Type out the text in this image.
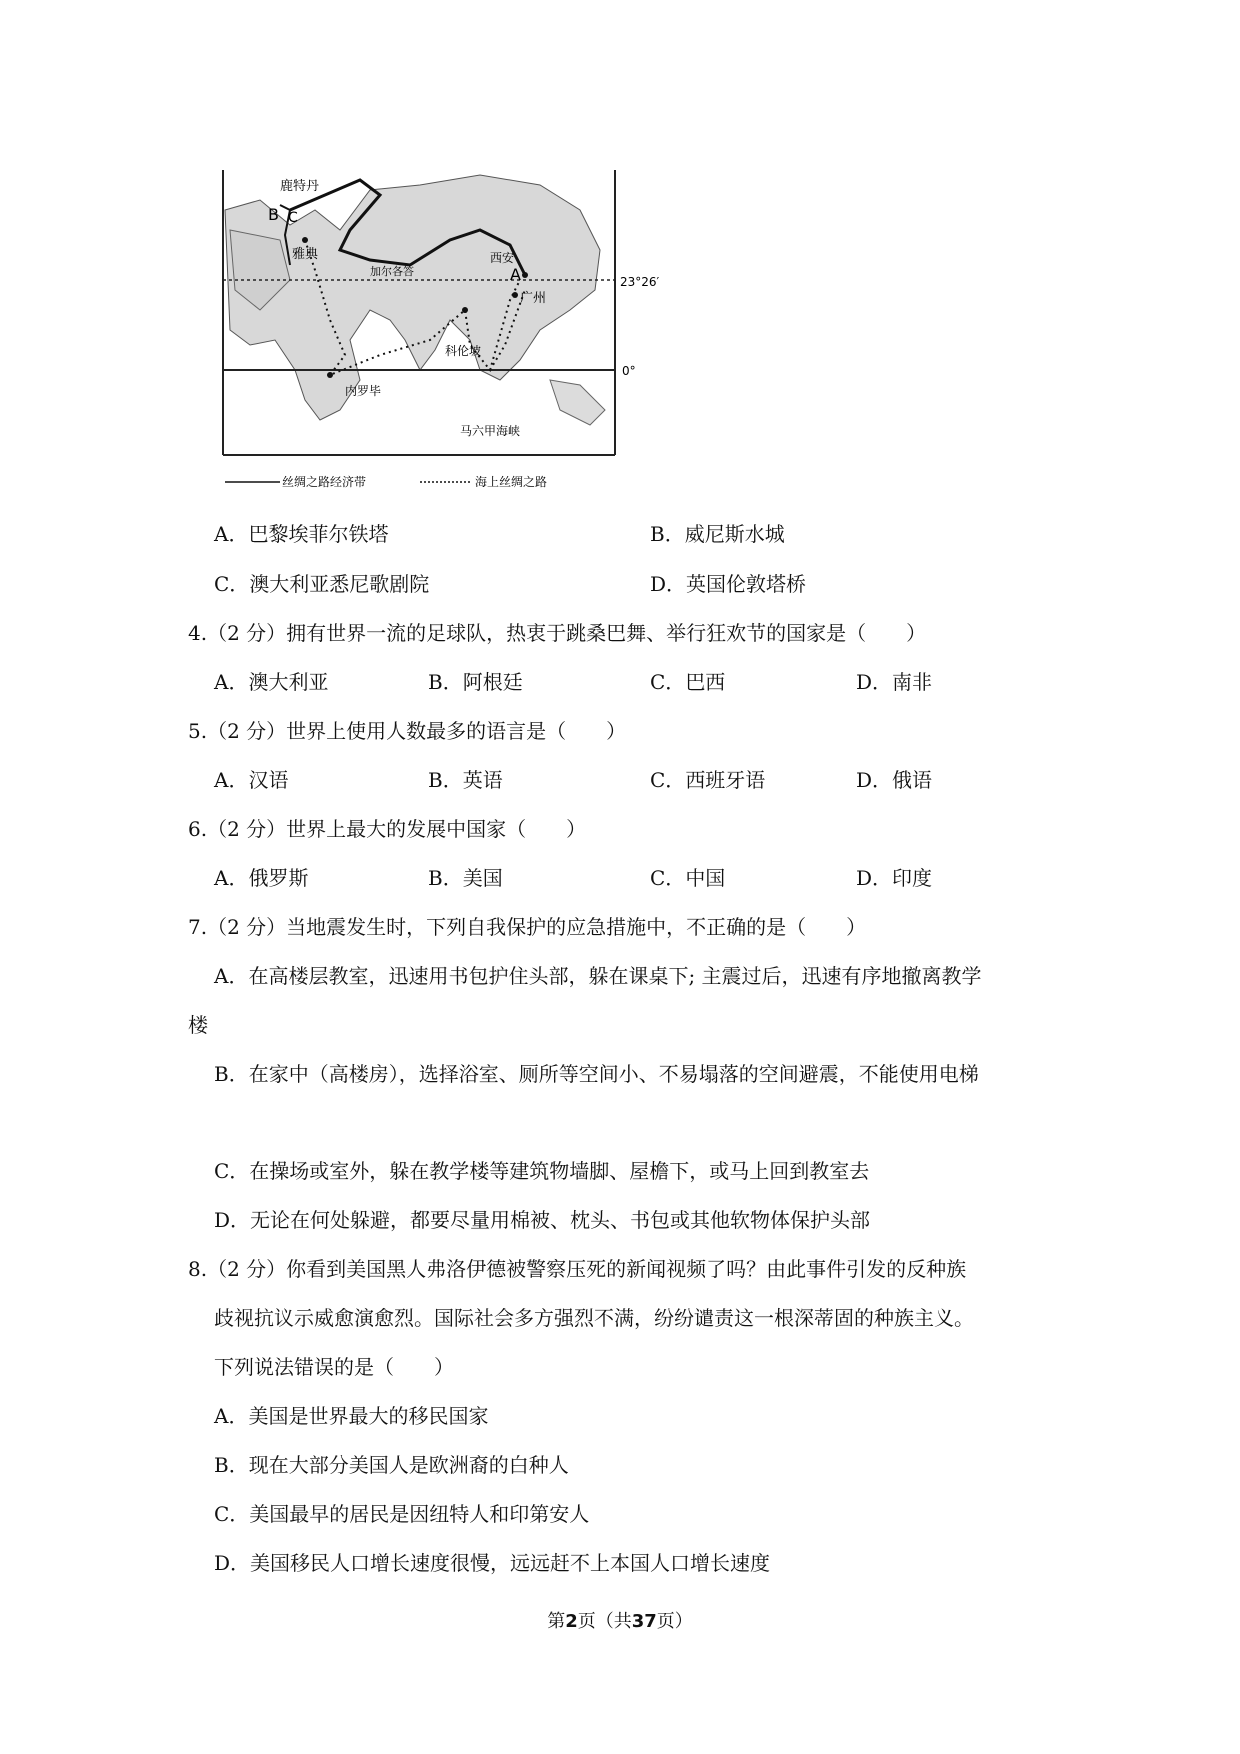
鹿特丹
B C
雅典	西安
A
加尔各答
广州
科伦坡
内罗毕
马六甲海峡
23°26′
0°
丝绸之路经济带	海上丝绸之路
A．巴黎埃菲尔铁塔	B．威尼斯水城
C．澳大利亚悉尼歌剧院	D．英国伦敦塔桥
4.（2 分）拥有世界一流的足球队，热衷于跳桑巴舞、举行狂欢节的国家是（　　）
A．澳大利亚	B．阿根廷	C．巴西	D．南非
5.（2 分）世界上使用人数最多的语言是（　　）
A．汉语	B．英语	C．西班牙语	D．俄语
6.（2 分）世界上最大的发展中国家（　　）
A．俄罗斯	B．美国	C．中国	D．印度
7.（2 分）当地震发生时，下列自我保护的应急措施中，不正确的是（　　）
A．在高楼层教室，迅速用书包护住头部，躲在课桌下; 主震过后，迅速有序地撤离教学
楼
B．在家中（高楼房），选择浴室、厕所等空间小、不易塌落的空间避震，不能使用电梯
C．在操场或室外，躲在教学楼等建筑物墙脚、屋檐下，或马上回到教室去
D．无论在何处躲避，都要尽量用棉被、枕头、书包或其他软物体保护头部
8.（2 分）你看到美国黑人弗洛伊德被警察压死的新闻视频了吗？由此事件引发的反种族
歧视抗议示威愈演愈烈。国际社会多方强烈不满，纷纷谴责这一根深蒂固的种族主义。
下列说法错误的是（　　）
A．美国是世界最大的移民国家
B．现在大部分美国人是欧洲裔的白种人
C．美国最早的居民是因纽特人和印第安人
D．美国移民人口增长速度很慢，远远赶不上本国人口增长速度
第2页（共37页）
